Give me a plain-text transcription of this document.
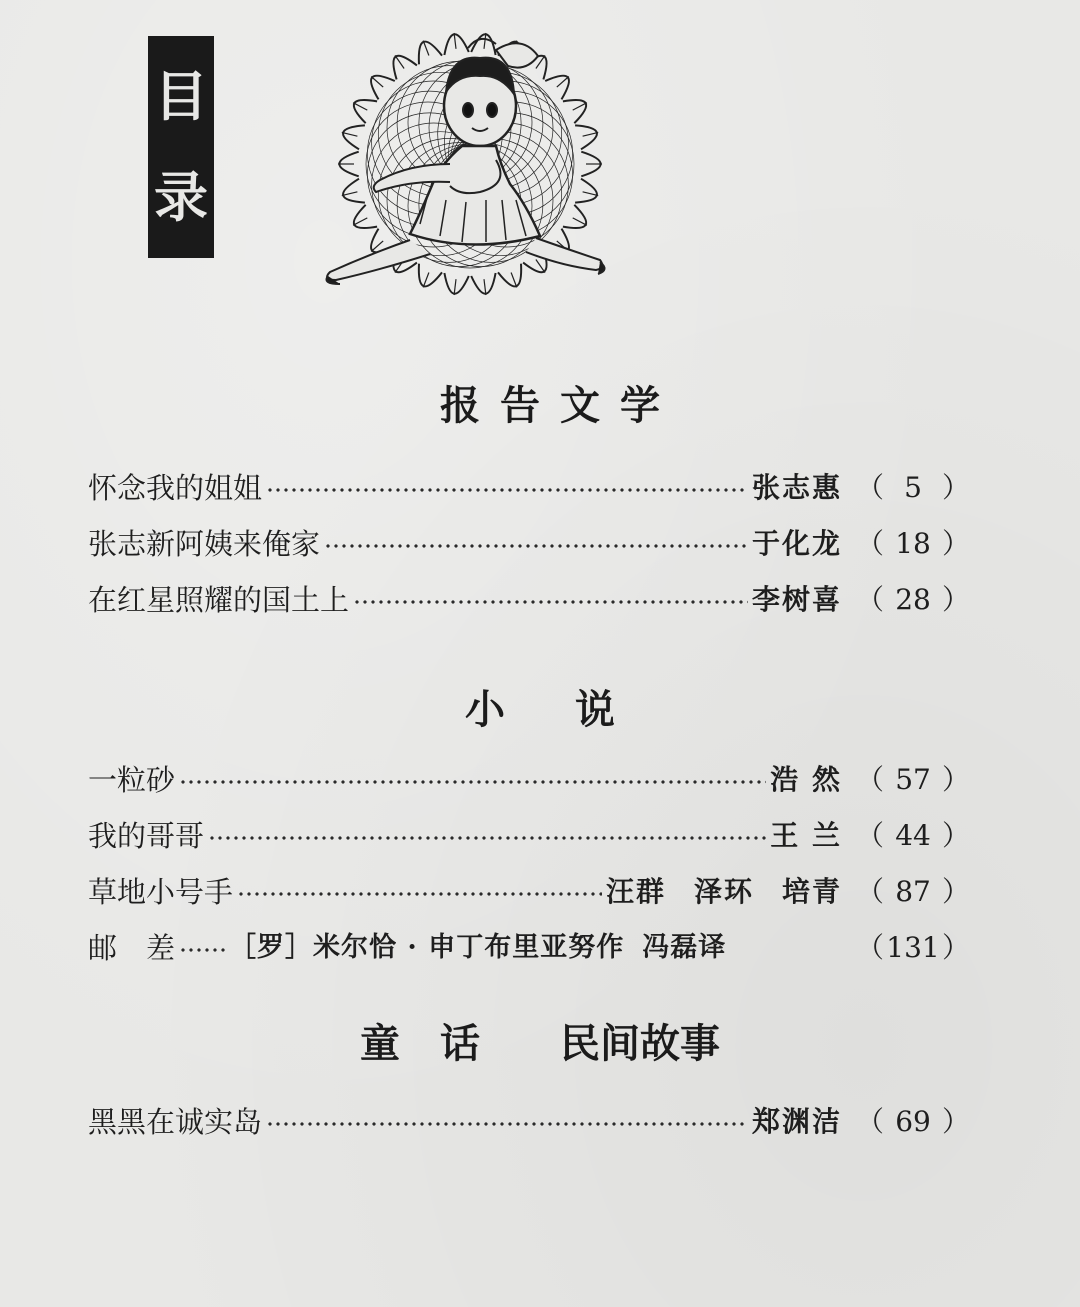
目
录
报告文学
怀念我的姐姐	张志惠 （ 5 ）
张志新阿姨来俺家	于化龙 （ 18 ）
在红星照耀的国土上	李树喜 （ 28 ）
小 说
一粒砂	浩 然 （ 57 ）
我的哥哥	王 兰 （ 44 ）
草地小号手	汪群 泽环 培青 （ 87 ）
邮　差 ［罗］米尔恰 · 申丁布里亚努作 冯磊译	（131）
童话 民间故事
黑黑在诚实岛	郑渊洁 （ 69 ）
